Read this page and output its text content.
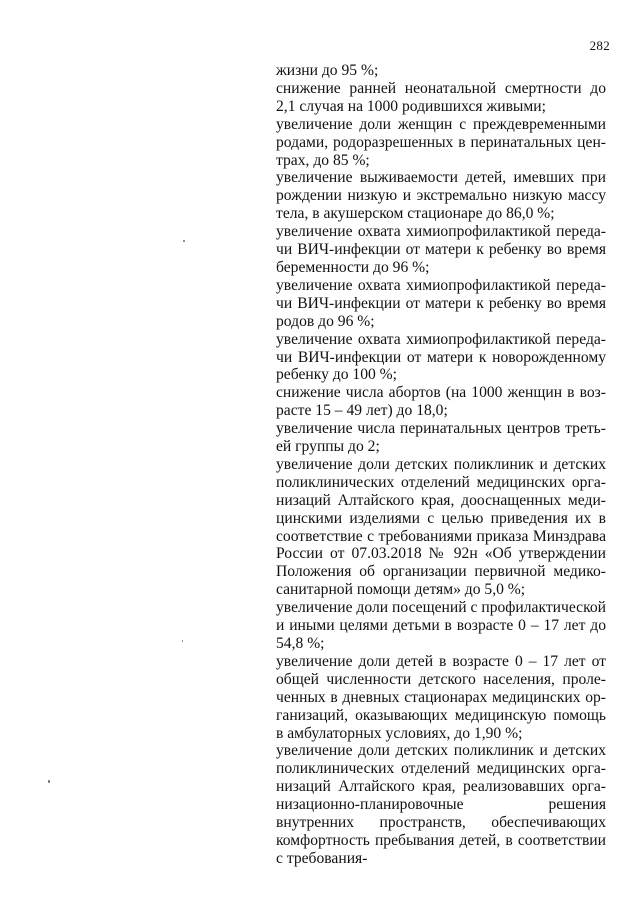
282

жизни до 95 %;

снижение ранней неонатальной смертности до 2,1 случая на 1000 родившихся живыми;

увеличение доли женщин с преждевременными родами, родоразрешенных в перинатальных центрах, до 85 %;

увеличение выживаемости детей, имевших при рождении низкую и экстремально низкую массу тела, в акушерском стационаре до 86,0 %;

увеличение охвата химиопрофилактикой передачи ВИЧ-инфекции от матери к ребенку во время беременности до 96 %;

увеличение охвата химиопрофилактикой передачи ВИЧ-инфекции от матери к ребенку во время родов до 96 %;

увеличение охвата химиопрофилактикой передачи ВИЧ-инфекции от матери к новорожденному ребенку до 100 %;

снижение числа абортов (на 1000 женщин в возрасте 15 – 49 лет) до 18,0;

увеличение числа перинатальных центров третьей группы до 2;

увеличение доли детских поликлиник и детских поликлинических отделений медицинских организаций Алтайского края, дооснащенных медицинскими изделиями с целью приведения их в соответствие с требованиями приказа Минздрава России от 07.03.2018 № 92н «Об утверждении Положения об организации первичной медико-санитарной помощи детям» до 5,0 %;

увеличение доли посещений с профилактической и иными целями детьми в возрасте 0 – 17 лет до 54,8 %;

увеличение доли детей в возрасте 0 – 17 лет от общей численности детского населения, пролеченных в дневных стационарах медицинских организаций, оказывающих медицинскую помощь в амбулаторных условиях, до 1,90 %;

увеличение доли детских поликлиник и детских поликлинических отделений медицинских организаций Алтайского края, реализовавших организационно-планировочные решения внутренних пространств, обеспечивающих комфортность пребывания детей, в соответствии с требования-
